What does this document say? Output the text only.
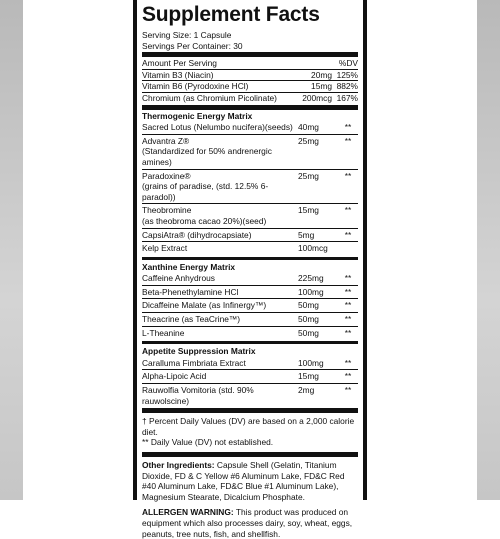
Supplement Facts
Serving Size: 1 Capsule
Servings Per Container: 30
Amount Per Serving	%DV
Vitamin B3 (Niacin)	20mg 125%
Vitamin B6 (Pyrodoxine HCl)	15mg 882%
Chromium (as Chromium Picolinate)	200mcg 167%
Thermogenic Energy Matrix
Sacred Lotus (Nelumbo nucifera)(seeds) 40mg	**
Advantra Z®
(Standardized for 50% andrenergic amines)
25mg	**
Paradoxine®
(grains of paradise, (std. 12.5% 6-paradol))
25mg	**
Theobromine
(as theobroma cacao 20%)(seed)
15mg	**
CapsiAtra® (dihydrocapsiate)	5mg	**
Kelp Extract	100mcg
Xanthine Energy Matrix
Caffeine Anhydrous	225mg	**
Beta-Phenethylamine HCl	100mg	**
Dicaffeine Malate (as Infinergy™)	50mg	**
Theacrine (as TeaCrine™)	50mg	**
L-Theanine	50mg	**
Appetite Suppression Matrix
Caralluma Fimbriata Extract	100mg	**
Alpha-Lipoic Acid	15mg	**
Rauwolfia Vomitoria (std. 90% rauwolscine)
2mg	**
† Percent Daily Values (DV) are based on a 2,000 calorie diet.
** Daily Value (DV) not established.
Other Ingredients: Capsule Shell (Gelatin, Titanium Dioxide, FD & C Yellow #6 Aluminum Lake, FD&C Red #40 Aluminum Lake, FD&C Blue #1 Aluminum Lake), Magnesium Stearate, Dicalcium Phosphate.
ALLERGEN WARNING: This product was produced on equipment which also processes dairy, soy, wheat, eggs, peanuts, tree nuts, fish, and shellfish.
